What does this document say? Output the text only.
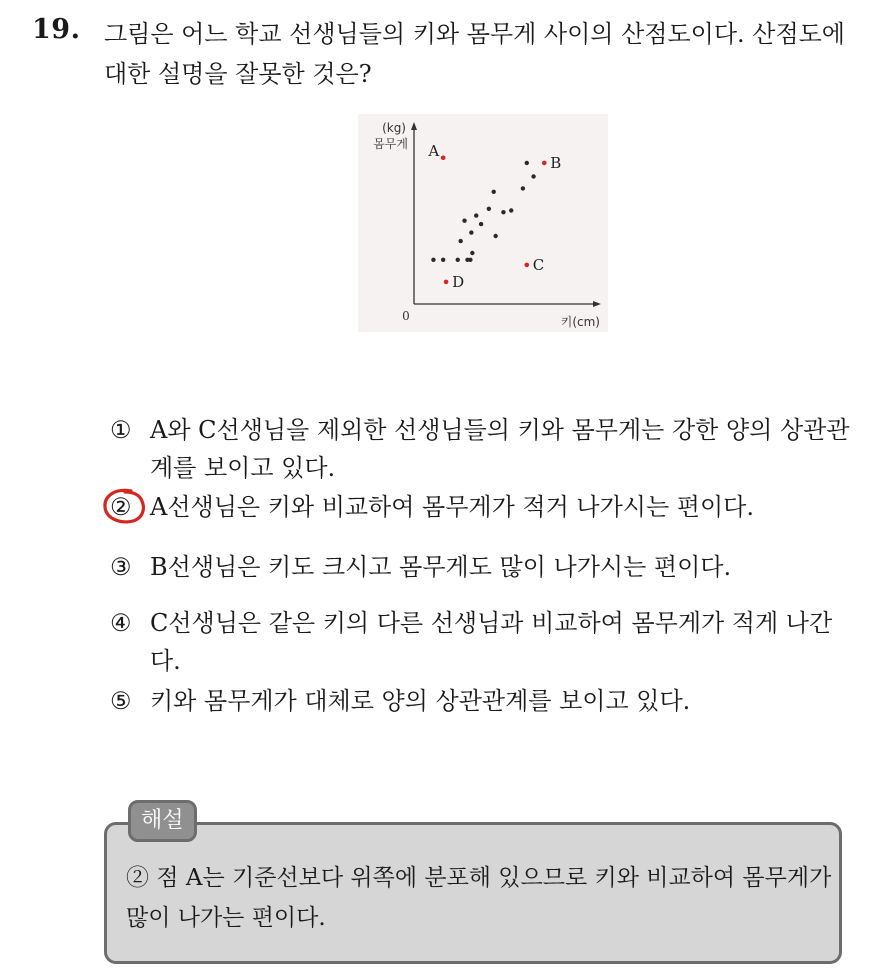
19. 그림은 어느 학교 선생님들의 키와 몸무게 사이의 산점도이다. 산점도에 대한 설명을 잘못한 것은?
(kg)
몸무게
0	키(cm)
A
B
C
D
① A와 C선생님을 제외한 선생님들의 키와 몸무게는 강한 양의 상관관계를 보이고 있다.
② A선생님은 키와 비교하여 몸무게가 적거 나가시는 편이다.
③ B선생님은 키도 크시고 몸무게도 많이 나가시는 편이다.
④ C선생님은 같은 키의 다른 선생님과 비교하여 몸무게가 적게 나간다.
⑤ 키와 몸무게가 대체로 양의 상관관계를 보이고 있다.
해설
② 점 A는 기준선보다 위쪽에 분포해 있으므로 키와 비교하여 몸무게가 많이 나가는 편이다.
